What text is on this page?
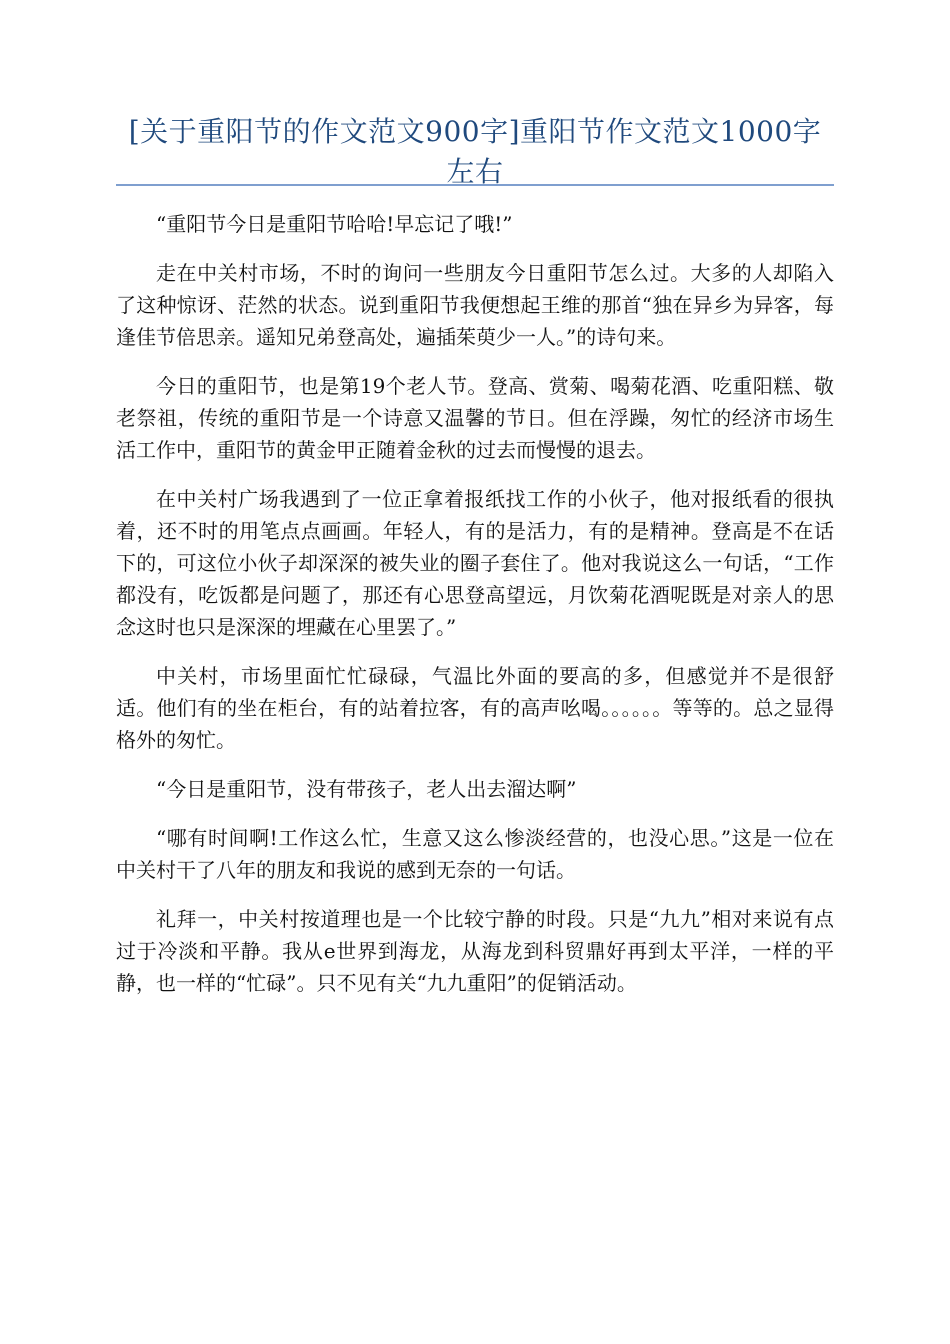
[关于重阳节的作文范文900字]重阳节作文范文1000字左右

“重阳节今日是重阳节哈哈!早忘记了哦!”

走在中关村市场，不时的询问一些朋友今日重阳节怎么过。大多的人却陷入了这种惊讶、茫然的状态。说到重阳节我便想起王维的那首“独在异乡为异客，每逢佳节倍思亲。遥知兄弟登高处，遍插茱萸少一人。”的诗句来。

今日的重阳节，也是第19个老人节。登高、赏菊、喝菊花酒、吃重阳糕、敬老祭祖，传统的重阳节是一个诗意又温馨的节日。但在浮躁，匆忙的经济市场生活工作中，重阳节的黄金甲正随着金秋的过去而慢慢的退去。

在中关村广场我遇到了一位正拿着报纸找工作的小伙子，他对报纸看的很执着，还不时的用笔点点画画。年轻人，有的是活力，有的是精神。登高是不在话下的，可这位小伙子却深深的被失业的圈子套住了。他对我说这么一句话，“工作都没有，吃饭都是问题了，那还有心思登高望远，月饮菊花酒呢既是对亲人的思念这时也只是深深的埋藏在心里罢了。”

中关村，市场里面忙忙碌碌，气温比外面的要高的多，但感觉并不是很舒适。他们有的坐在柜台，有的站着拉客，有的高声吆喝。。。。。。等等的。总之显得格外的匆忙。

“今日是重阳节，没有带孩子，老人出去溜达啊”

“哪有时间啊!工作这么忙，生意又这么惨淡经营的，也没心思。”这是一位在中关村干了八年的朋友和我说的感到无奈的一句话。

礼拜一，中关村按道理也是一个比较宁静的时段。只是“九九”相对来说有点过于冷淡和平静。我从e世界到海龙，从海龙到科贸鼎好再到太平洋，一样的平静，也一样的“忙碌”。只不见有关“九九重阳”的促销活动。
